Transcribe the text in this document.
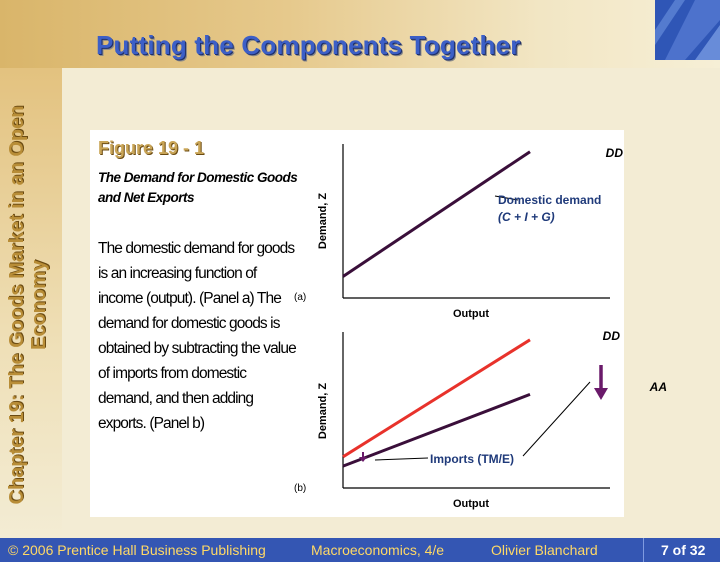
Putting the Components Together
Chapter 19: The Goods Market in an Open Economy
Figure 19 - 1
The Demand for Domestic Goods and Net Exports
The domestic demand for goods is an increasing function of income (output). (Panel a) The demand for domestic goods is obtained by subtracting the value of imports from domestic demand, and then adding exports. (Panel b)
Demand, Z
Output
(a)
DD
Domestic demand
(C + I + G)
Demand, Z
Output
(b)
DD
AA
Imports (TM/E)
© 2006 Prentice Hall Business Publishing	Macroeconomics, 4/e	Olivier Blanchard	7 of 32
